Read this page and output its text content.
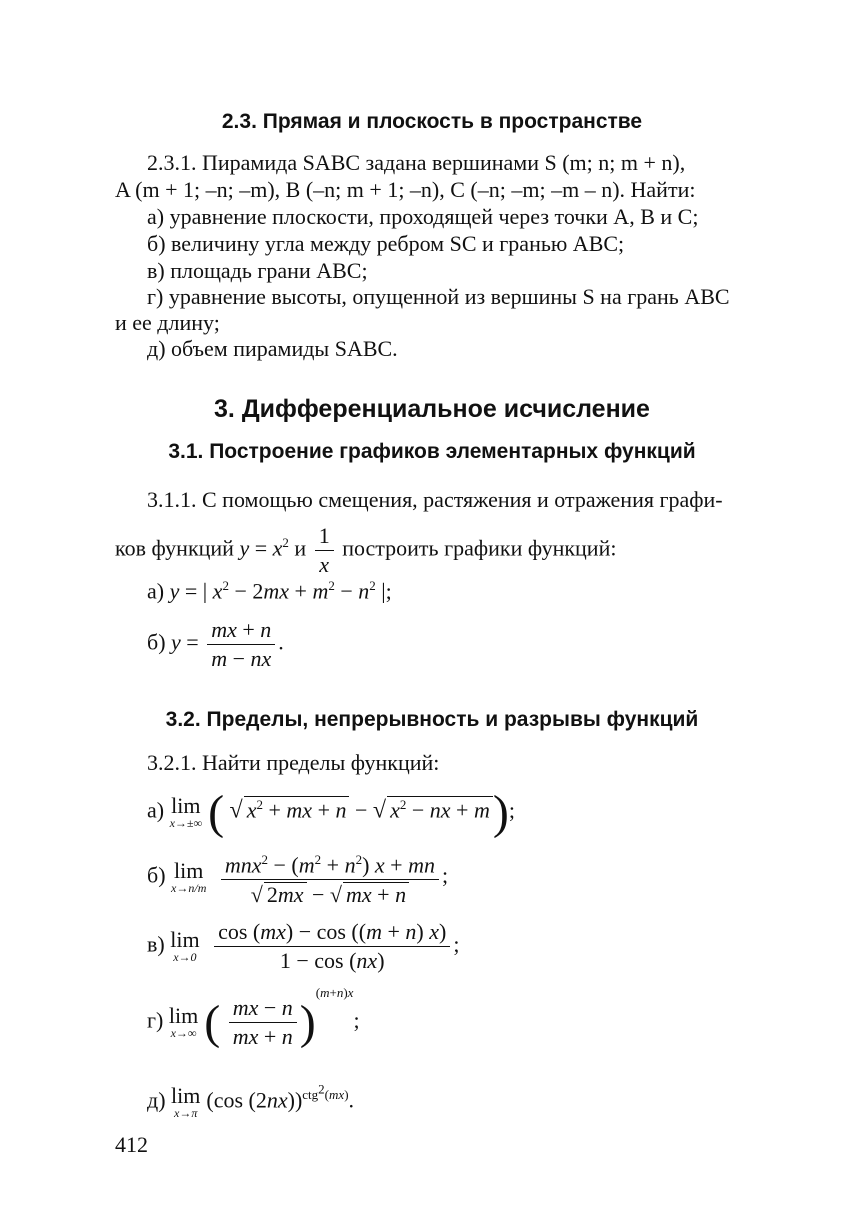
2.3. Прямая и плоскость в пространстве
2.3.1. Пирамида SABC задана вершинами S (m; n; m + n),
A (m + 1; –n; –m), B (–n; m + 1; –n), C (–n; –m; –m – n). Найти:
а) уравнение плоскости, проходящей через точки A, B и C;
б) величину угла между ребром SC и гранью ABC;
в) площадь грани ABC;
г) уравнение высоты, опущенной из вершины S на грань ABC
и ее длину;
д) объем пирамиды SABC.
3. Дифференциальное исчисление
3.1. Построение графиков элементарных функций
3.1.1. С помощью смещения, растяжения и отражения графи-
ков функций $y = x^2$ и $\frac{1}{x}$ построить графики функций:
а) y = | $x^2 - 2mx + m^2 - n^2$ |;
б) $y = \frac{mx + n}{m - nx}$ .
3.2. Пределы, непрерывность и разрывы функций
3.2.1. Найти пределы функций:
а) lim
x→±∞ ( √ $x^2$ + mx + n − √ $x^2$ − nx + m);
б) lim
x→n/m
$\frac{mnx^2 - (m^2 + n^2) x + mn}{√ 2mx - √ mx + n}$ ;
в) lim
x→0
$\frac{\cos (mx) - \cos ((m + n) x)}{1 - \cos (nx)}$ ;
г) lim
x→∞ ( $\frac{mx - n}{mx + n} )^{(m+n)x}$;
д) lim
x→π (cos (2nx))$^{ctg^2(mx)}$.
412
